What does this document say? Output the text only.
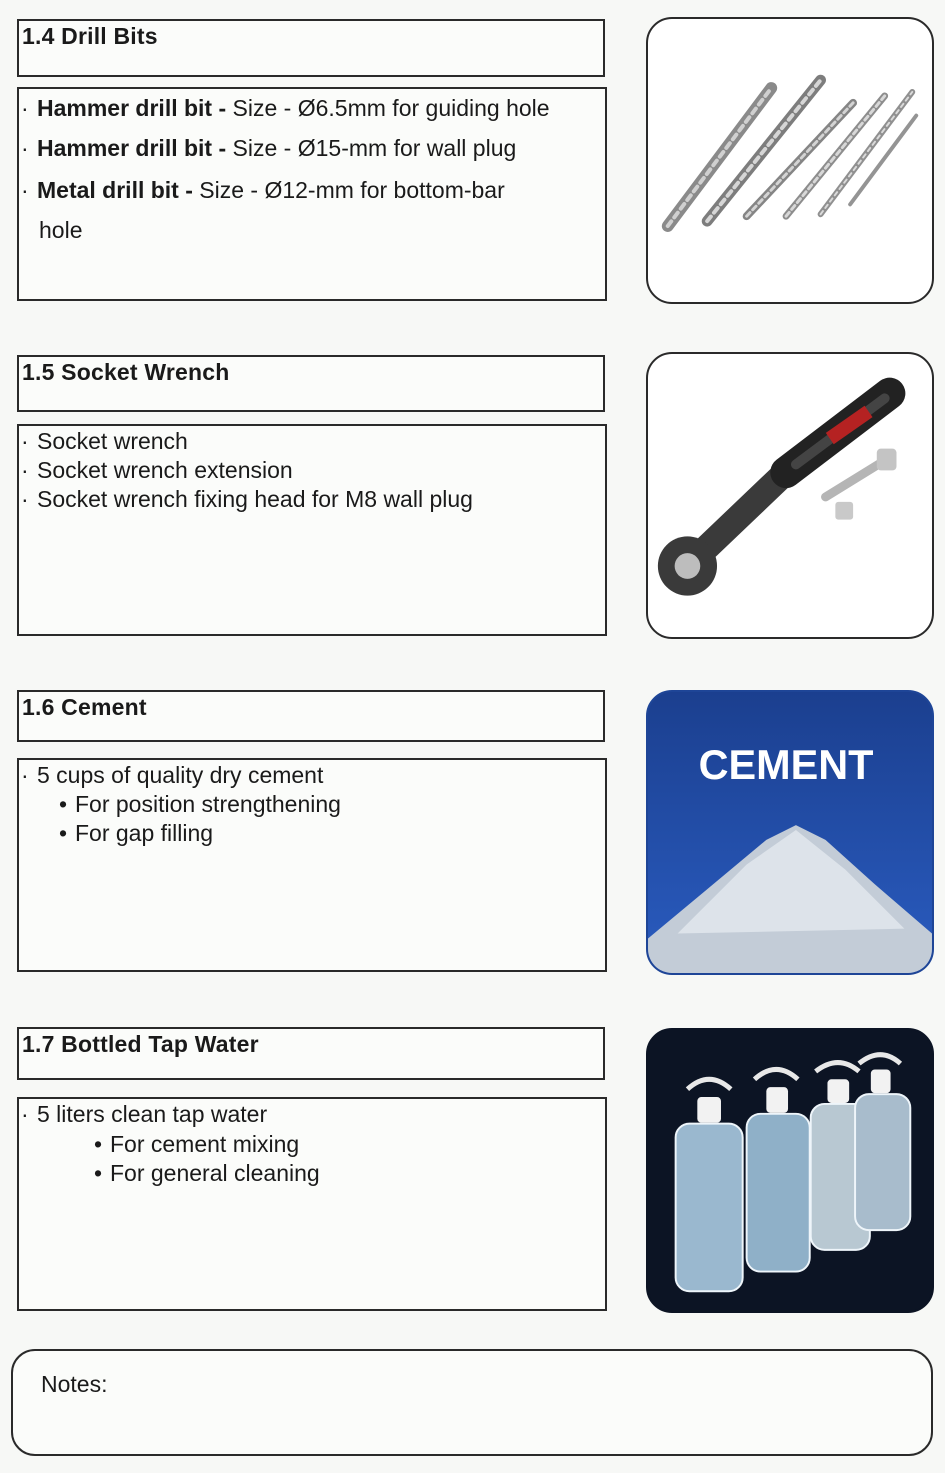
1.4 Drill Bits
· Hammer drill bit - Size - Ø6.5mm for guiding hole
· Hammer drill bit - Size - Ø15-mm for wall plug
· Metal drill bit - Size - Ø12-mm for bottom-bar
hole
1.5 Socket Wrench
· Socket wrench
· Socket wrench extension
· Socket wrench fixing head for M8 wall plug
1.6 Cement
· 5 cups of quality dry cement
• For position strengthening
• For gap filling
CEMENT
1.7 Bottled Tap Water
· 5 liters clean tap water
• For cement mixing
• For general cleaning
Notes:
